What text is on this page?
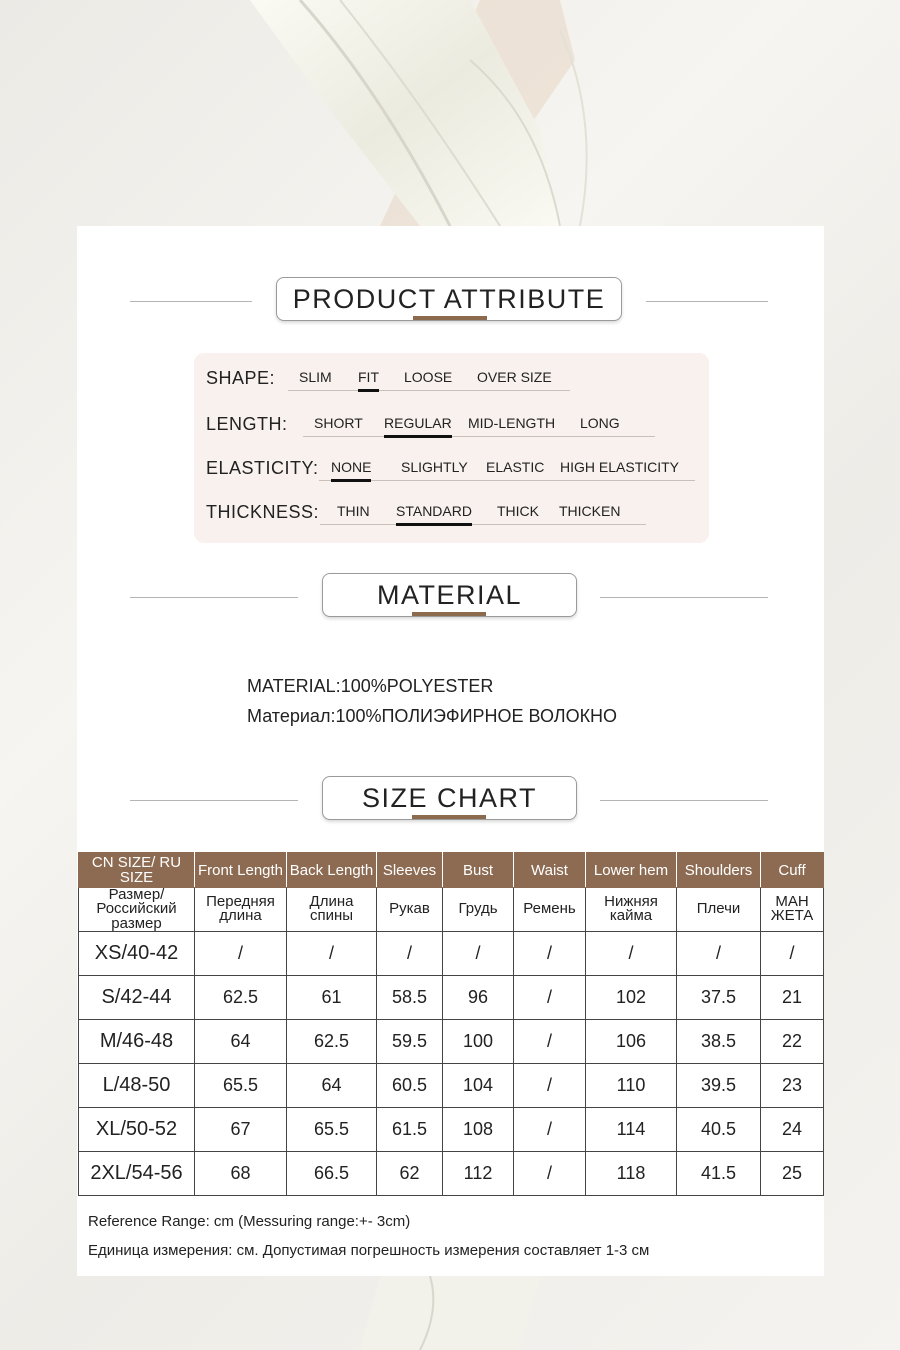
PRODUCT ATTRIBUTE
SHAPE: SLIM FIT LOOSE OVER SIZE
LENGTH: SHORT REGULAR MID-LENGTH LONG
ELASTICITY: NONE SLIGHTLY ELASTIC HIGH ELASTICITY
THICKNESS: THIN STANDARD THICK THICKEN
MATERIAL
MATERIAL:100%POLYESTER
Материал:100%ПОЛИЭФИРНОЕ ВОЛОКНО
SIZE CHART
CN SIZE/ RU SIZE	Front Length	Back Length	Sleeves	Bust	Waist	Lower hem	Shoulders	Cuff
Размер/ Российский размер	Передняя длина	Длина спины	Рукав	Грудь	Ремень	Нижняя кайма	Плечи	МАН ЖЕТА
XS/40-42	/	/	/	/	/	/	/	/
S/42-44	62.5	61	58.5	96	/	102	37.5	21
M/46-48	64	62.5	59.5	100	/	106	38.5	22
L/48-50	65.5	64	60.5	104	/	110	39.5	23
XL/50-52	67	65.5	61.5	108	/	114	40.5	24
2XL/54-56	68	66.5	62	112	/	118	41.5	25
Reference Range: cm (Messuring range:+- 3cm)
Единица измерения: см. Допустимая погрешность измерения составляет 1-3 см
